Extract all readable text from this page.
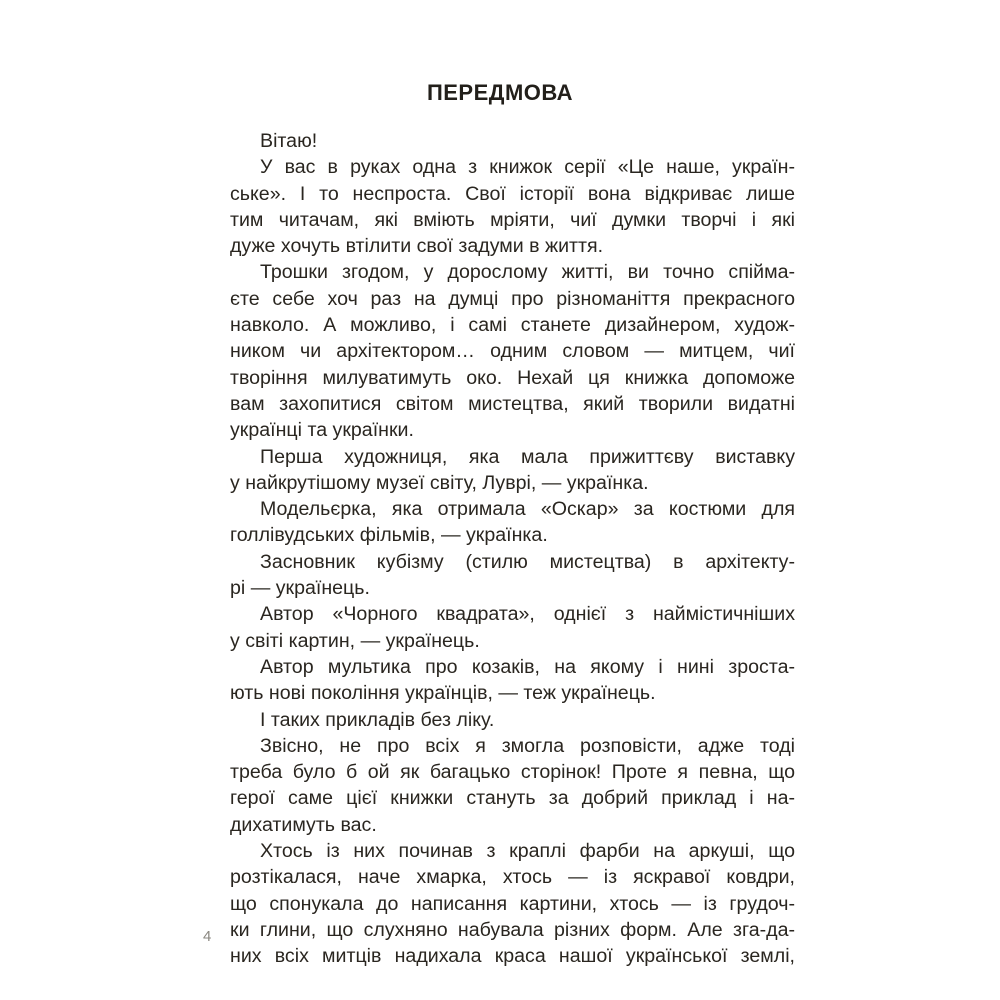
ПЕРЕДМОВА
Вітаю!
У вас в руках одна з книжок серії «Це наше, україн-
ське». І то неспроста. Свої історії вона відкриває лише
тим читачам, які вміють мріяти, чиї думки творчі і які
дуже хочуть втілити свої задуми в життя.
Трошки згодом, у дорослому житті, ви точно спійма-
єте себе хоч раз на думці про різноманіття прекрасного
навколо. А можливо, і самі станете дизайнером, худож-
ником чи архітектором… одним словом — митцем, чиї
творіння милуватимуть око. Нехай ця книжка допоможе
вам захопитися світом мистецтва, який творили видатні
українці та українки.
Перша художниця, яка мала прижиттєву виставку
у найкрутішому музеї світу, Луврі, — українка.
Модельєрка, яка отримала «Оскар» за костюми для
голлівудських фільмів, — українка.
Засновник кубізму (стилю мистецтва) в архітекту-
рі — українець.
Автор «Чорного квадрата», однієї з наймістичніших
у світі картин, — українець.
Автор мультика про козаків, на якому і нині зроста-
ють нові покоління українців, — теж українець.
І таких прикладів без ліку.
Звісно, не про всіх я змогла розповісти, адже тоді
треба було б ой як багацько сторінок! Проте я певна, що
герої саме цієї книжки стануть за добрий приклад і на-
дихатимуть вас.
Хтось із них починав з краплі фарби на аркуші, що
розтікалася, наче хмарка, хтось — із яскравої ковдри,
що спонукала до написання картини, хтось — із грудоч-
ки глини, що слухняно набувала різних форм. Але зга-да-
них всіх митців надихала краса нашої української землі,
4
